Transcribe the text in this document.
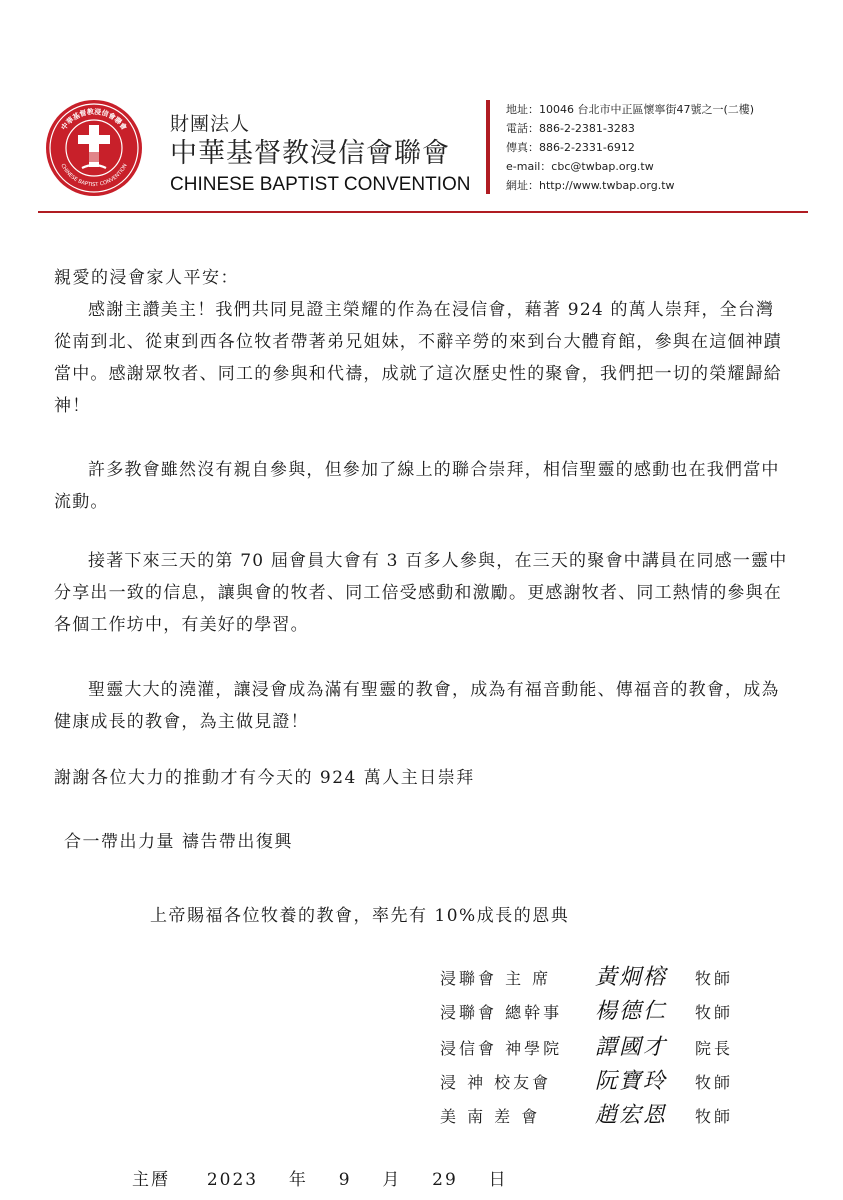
中華基督教浸信會聯會
CHINESE BAPTIST CONVENTION
財團法人
中華基督教浸信會聯會
CHINESE BAPTIST CONVENTION
地址：10046 台北市中正區懷寧街47號之一(二樓)
電話：886-2-2381-3283
傳真：886-2-2331-6912
e-mail：cbc@twbap.org.tw
網址：http://www.twbap.org.tw
親愛的浸會家人平安：
感謝主讚美主！我們共同見證主榮耀的作為在浸信會，藉著 924 的萬人崇拜，全台灣從南到北、從東到西各位牧者帶著弟兄姐妹，不辭辛勞的來到台大體育館，參與在這個神蹟當中。感謝眾牧者、同工的參與和代禱，成就了這次歷史性的聚會，我們把一切的榮耀歸給神！
許多教會雖然沒有親自參與，但參加了線上的聯合崇拜，相信聖靈的感動也在我們當中流動。
接著下來三天的第 70 屆會員大會有 3 百多人參與，在三天的聚會中講員在同感一靈中分享出一致的信息，讓與會的牧者、同工倍受感動和激勵。更感謝牧者、同工熱情的參與在各個工作坊中，有美好的學習。
聖靈大大的澆灌，讓浸會成為滿有聖靈的教會，成為有福音動能、傳福音的教會，成為健康成長的教會，為主做見證！
謝謝各位大力的推動才有今天的 924 萬人主日崇拜
合一帶出力量 禱告帶出復興
上帝賜福各位牧養的教會，率先有 10%成長的恩典
浸聯會 主 席	黃炯榕	牧師
浸聯會 總幹事	楊德仁	牧師
浸信會 神學院	譚國才	院長
浸 神 校友會	阮寶玲	牧師
美 南 差 會	趙宏恩	牧師
主曆 2023 年 9 月 29 日
